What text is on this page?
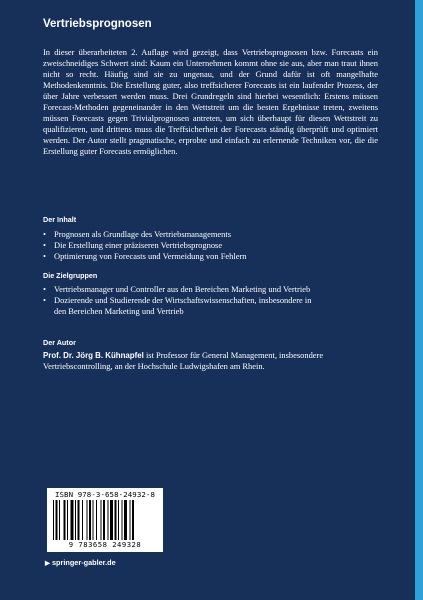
Vertriebsprognosen

In dieser überarbeiteten 2. Auflage wird gezeigt, dass Vertriebsprognosen bzw. Forecasts ein zweischneidiges Schwert sind: Kaum ein Unternehmen kommt ohne sie aus, aber man traut ihnen nicht so recht. Häufig sind sie zu ungenau, und der Grund dafür ist oft mangelhafte Methodenkenntnis. Die Erstellung guter, also treffsicherer Forecasts ist ein laufender Prozess, der über Jahre verbessert werden muss. Drei Grundregeln sind hierbei wesentlich: Erstens müssen Forecast-Methoden gegeneinander in den Wettstreit um die besten Ergebnisse treten, zweitens müssen Forecasts gegen Trivialprognosen antreten, um sich überhaupt für diesen Wettstreit zu qualifizieren, und drittens muss die Treffsicherheit der Forecasts ständig überprüft und optimiert werden. Der Autor stellt pragmatische, erprobte und einfach zu erlernende Techniken vor, die die Erstellung guter Forecasts ermöglichen.

Der Inhalt
• Prognosen als Grundlage des Vertriebsmanagements
• Die Erstellung einer präziseren Vertriebsprognose
• Optimierung von Forecasts und Vermeidung von Fehlern
Die Zielgruppen
• Vertriebsmanager und Controller aus den Bereichen Marketing und Vertrieb
• Dozierende und Studierende der Wirtschaftswissenschaften, insbesondere in den Bereichen Marketing und Vertrieb
Der Autor

Prof. Dr. Jörg B. Kühnapfel ist Professor für General Management, insbesondere Vertriebscontrolling, an der Hochschule Ludwigshafen am Rhein.

ISBN 978-3-658-24932-8
9 783658 249328
▶ springer-gabler.de
